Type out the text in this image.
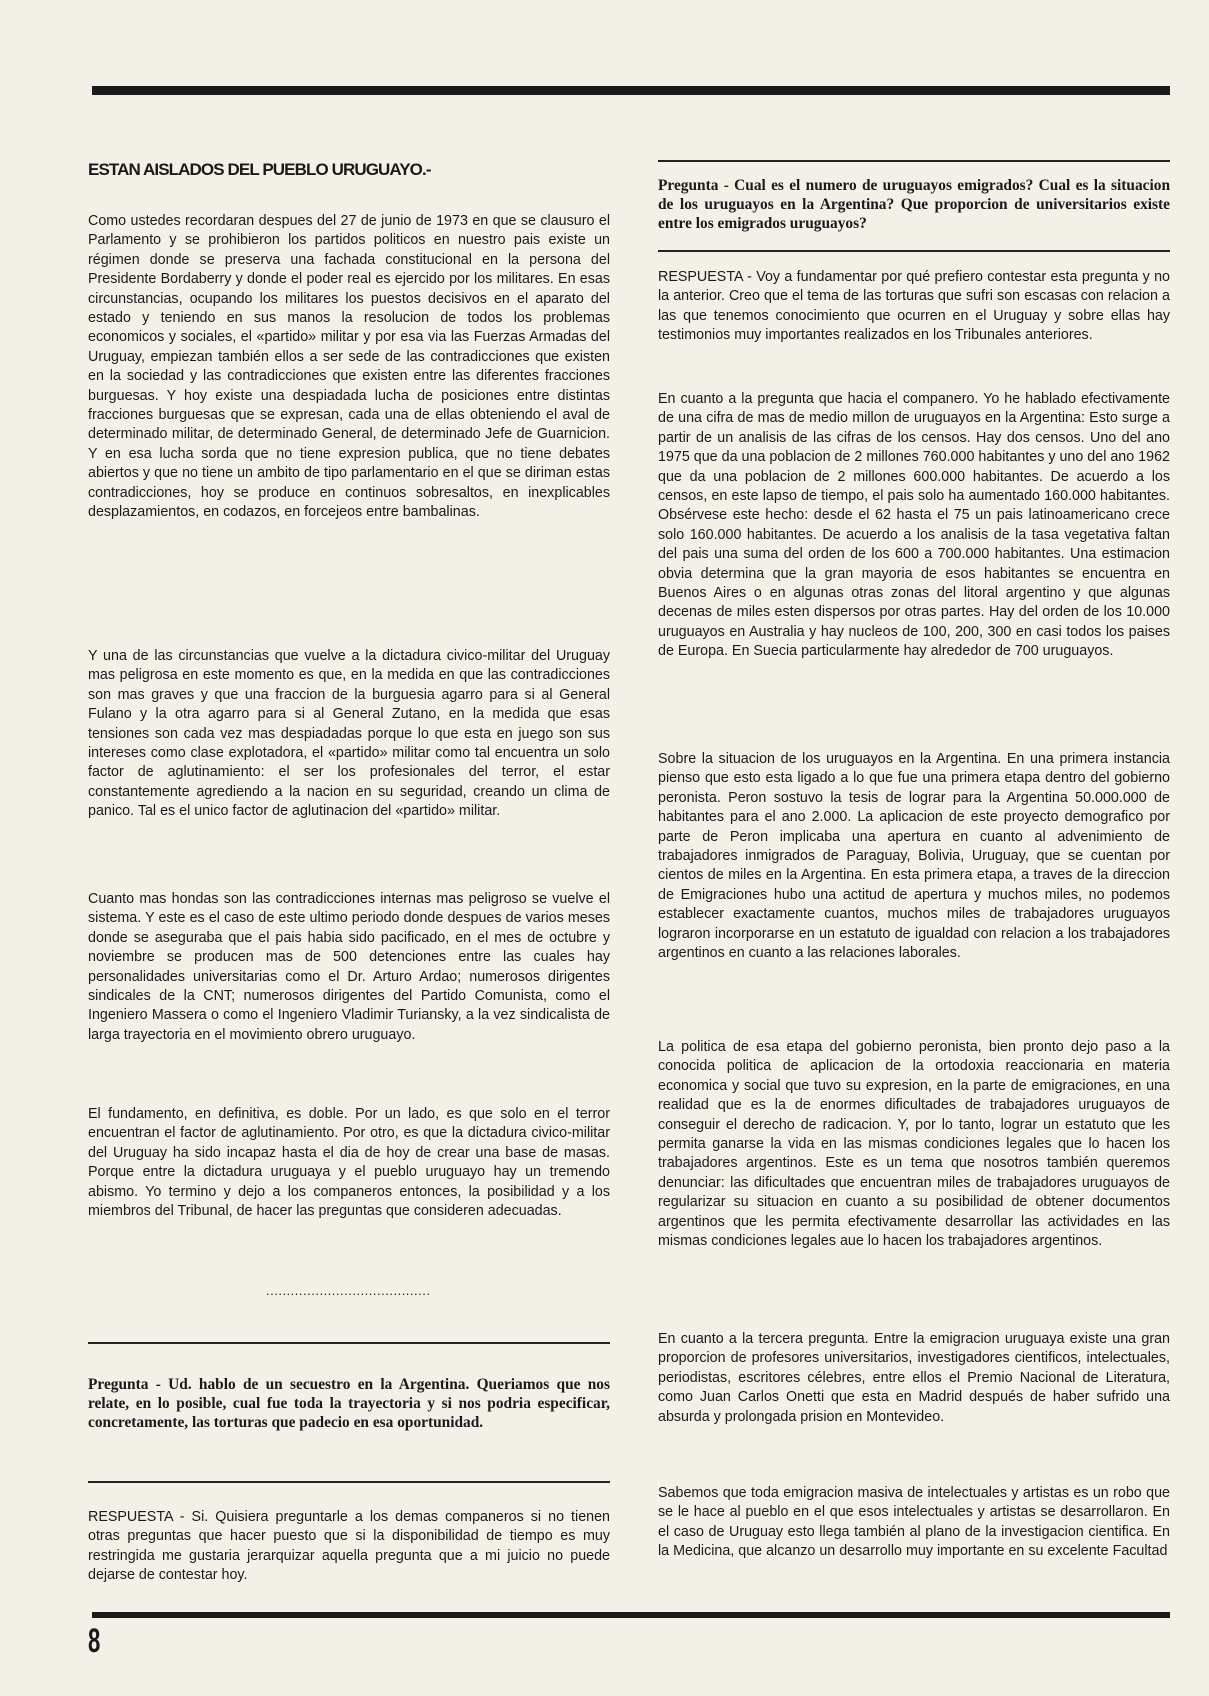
ESTAN AISLADOS DEL PUEBLO URUGUAYO.-

Como ustedes recordaran despues del 27 de junio de 1973 en que se clausuro el Parlamento y se prohibieron los partidos politicos en nuestro pais existe un régimen donde se preserva una fachada constitucional en la persona del Presidente Bordaberry y donde el poder real es ejercido por los militares. En esas circunstancias, ocupando los militares los puestos decisivos en el aparato del estado y teniendo en sus manos la resolucion de todos los problemas economicos y sociales, el «partido» militar y por esa via las Fuerzas Armadas del Uruguay, empiezan también ellos a ser sede de las contradicciones que existen en la sociedad y las contradicciones que existen entre las diferentes fracciones burguesas. Y hoy existe una despiadada lucha de posiciones entre distintas fracciones burguesas que se expresan, cada una de ellas obteniendo el aval de determinado militar, de determinado General, de determinado Jefe de Guarnicion. Y en esa lucha sorda que no tiene expresion publica, que no tiene debates abiertos y que no tiene un ambito de tipo parlamentario en el que se diriman estas contradicciones, hoy se produce en continuos sobresaltos, en inexplicables desplazamientos, en codazos, en forcejeos entre bambalinas.

Y una de las circunstancias que vuelve a la dictadura civico-militar del Uruguay mas peligrosa en este momento es que, en la medida en que las contradicciones son mas graves y que una fraccion de la burguesia agarro para si al General Fulano y la otra agarro para si al General Zutano, en la medida que esas tensiones son cada vez mas despiadadas porque lo que esta en juego son sus intereses como clase explotadora, el «partido» militar como tal encuentra un solo factor de aglutinamiento: el ser los profesionales del terror, el estar constantemente agrediendo a la nacion en su seguridad, creando un clima de panico. Tal es el unico factor de aglutinacion del «partido» militar.

Cuanto mas hondas son las contradicciones internas mas peligroso se vuelve el sistema. Y este es el caso de este ultimo periodo donde despues de varios meses donde se aseguraba que el pais habia sido pacificado, en el mes de octubre y noviembre se producen mas de 500 detenciones entre las cuales hay personalidades universitarias como el Dr. Arturo Ardao; numerosos dirigentes sindicales de la CNT; numerosos dirigentes del Partido Comunista, como el Ingeniero Massera o como el Ingeniero Vladimir Turiansky, a la vez sindicalista de larga trayectoria en el movimiento obrero uruguayo.

El fundamento, en definitiva, es doble. Por un lado, es que solo en el terror encuentran el factor de aglutinamiento. Por otro, es que la dictadura civico-militar del Uruguay ha sido incapaz hasta el dia de hoy de crear una base de masas. Porque entre la dictadura uruguaya y el pueblo uruguayo hay un tremendo abismo. Yo termino y dejo a los companeros entonces, la posibilidad y a los miembros del Tribunal, de hacer las preguntas que consideren adecuadas.

........................................

Pregunta - Ud. hablo de un secuestro en la Argentina. Queriamos que nos relate, en lo posible, cual fue toda la trayectoria y si nos podria especificar, concretamente, las torturas que padecio en esa oportunidad.

RESPUESTA - Si. Quisiera preguntarle a los demas companeros si no tienen otras preguntas que hacer puesto que si la disponibilidad de tiempo es muy restringida me gustaria jerarquizar aquella pregunta que a mi juicio no puede dejarse de contestar hoy.

Pregunta - Cual es el numero de uruguayos emigrados? Cual es la situacion de los uruguayos en la Argentina? Que proporcion de universitarios existe entre los emigrados uruguayos?

RESPUESTA - Voy a fundamentar por qué prefiero contestar esta pregunta y no la anterior. Creo que el tema de las torturas que sufri son escasas con relacion a las que tenemos conocimiento que ocurren en el Uruguay y sobre ellas hay testimonios muy importantes realizados en los Tribunales anteriores.

En cuanto a la pregunta que hacia el companero. Yo he hablado efectivamente de una cifra de mas de medio millon de uruguayos en la Argentina: Esto surge a partir de un analisis de las cifras de los censos. Hay dos censos. Uno del ano 1975 que da una poblacion de 2 millones 760.000 habitantes y uno del ano 1962 que da una poblacion de 2 millones 600.000 habitantes. De acuerdo a los censos, en este lapso de tiempo, el pais solo ha aumentado 160.000 habitantes. Obsérvese este hecho: desde el 62 hasta el 75 un pais latinoamericano crece solo 160.000 habitantes. De acuerdo a los analisis de la tasa vegetativa faltan del pais una suma del orden de los 600 a 700.000 habitantes. Una estimacion obvia determina que la gran mayoria de esos habitantes se encuentra en Buenos Aires o en algunas otras zonas del litoral argentino y que algunas decenas de miles esten dispersos por otras partes. Hay del orden de los 10.000 uruguayos en Australia y hay nucleos de 100, 200, 300 en casi todos los paises de Europa. En Suecia particularmente hay alrededor de 700 uruguayos.

Sobre la situacion de los uruguayos en la Argentina. En una primera instancia pienso que esto esta ligado a lo que fue una primera etapa dentro del gobierno peronista. Peron sostuvo la tesis de lograr para la Argentina 50.000.000 de habitantes para el ano 2.000. La aplicacion de este proyecto demografico por parte de Peron implicaba una apertura en cuanto al advenimiento de trabajadores inmigrados de Paraguay, Bolivia, Uruguay, que se cuentan por cientos de miles en la Argentina. En esta primera etapa, a traves de la direccion de Emigraciones hubo una actitud de apertura y muchos miles, no podemos establecer exactamente cuantos, muchos miles de trabajadores uruguayos lograron incorporarse en un estatuto de igualdad con relacion a los trabajadores argentinos en cuanto a las relaciones laborales.

La politica de esa etapa del gobierno peronista, bien pronto dejo paso a la conocida politica de aplicacion de la ortodoxia reaccionaria en materia economica y social que tuvo su expresion, en la parte de emigraciones, en una realidad que es la de enormes dificultades de trabajadores uruguayos de conseguir el derecho de radicacion. Y, por lo tanto, lograr un estatuto que les permita ganarse la vida en las mismas condiciones legales que lo hacen los trabajadores argentinos. Este es un tema que nosotros también queremos denunciar: las dificultades que encuentran miles de trabajadores uruguayos de regularizar su situacion en cuanto a su posibilidad de obtener documentos argentinos que les permita efectivamente desarrollar las actividades en las mismas condiciones legales aue lo hacen los trabajadores argentinos.

En cuanto a la tercera pregunta. Entre la emigracion uruguaya existe una gran proporcion de profesores universitarios, investigadores cientificos, intelectuales, periodistas, escritores célebres, entre ellos el Premio Nacional de Literatura, como Juan Carlos Onetti que esta en Madrid después de haber sufrido una absurda y prolongada prision en Montevideo.

Sabemos que toda emigracion masiva de intelectuales y artistas es un robo que se le hace al pueblo en el que esos intelectuales y artistas se desarrollaron. En el caso de Uruguay esto llega también al plano de la investigacion cientifica. En la Medicina, que alcanzo un desarrollo muy importante en su excelente Facultad

8
